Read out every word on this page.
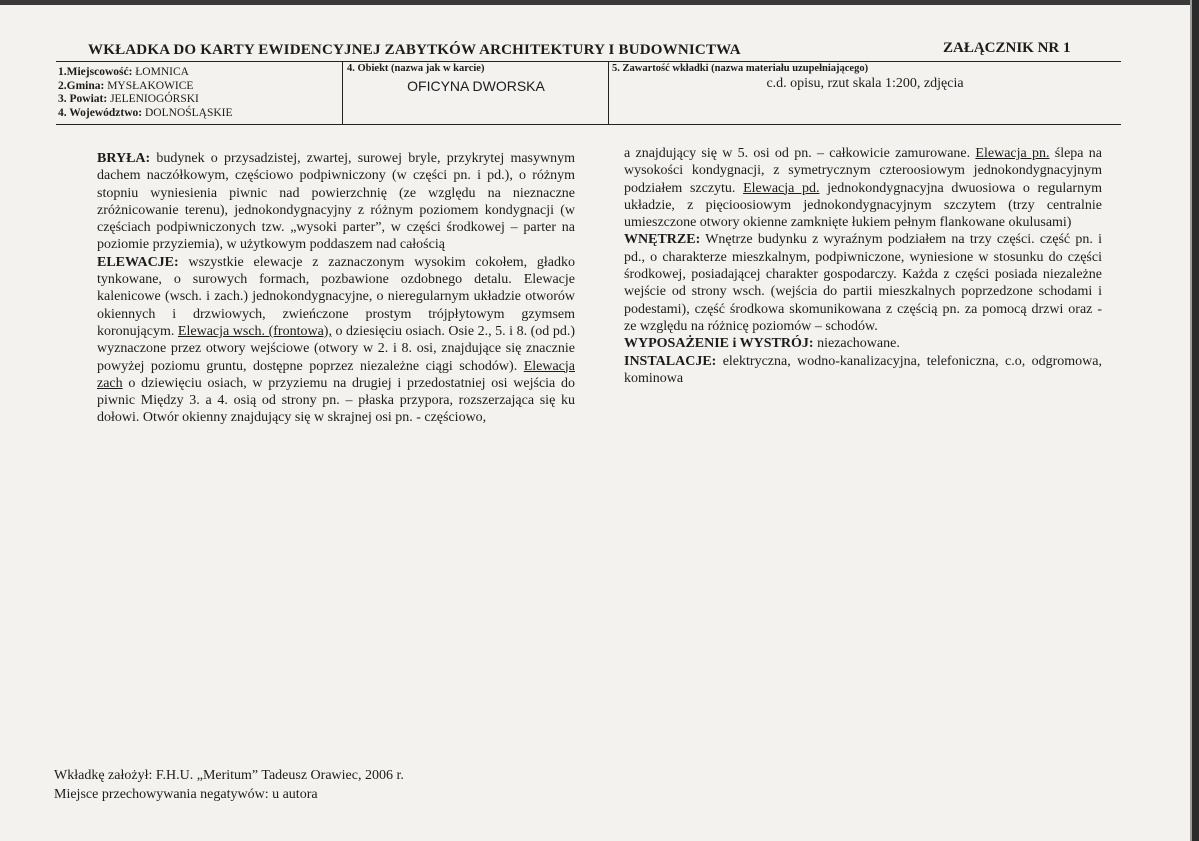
WKŁADKA DO KARTY EWIDENCYJNEJ ZABYTKÓW ARCHITEKTURY I BUDOWNICTWA	ZAŁĄCZNIK NR 1
1.Miejscowość: ŁOMNICA
2.Gmina: MYSŁAKOWICE
3. Powiat: JELENIOGÓRSKI
4. Województwo: DOLNOŚLĄSKIE
4. Obiekt (nazwa jak w karcie)
OFICYNA DWORSKA
5. Zawartość wkładki (nazwa materiału uzupełniającego)
c.d. opisu, rzut skala 1:200, zdjęcia

BRYŁA: budynek o przysadzistej, zwartej, surowej bryle, przykrytej masywnym dachem naczółkowym, częściowo podpiwniczony (w części pn. i pd.), o różnym stopniu wyniesienia piwnic nad powierzchnię (ze względu na nieznaczne zróżnicowanie terenu), jednokondygnacyjny z różnym poziomem kondygnacji (w częściach podpiwniczonych tzw. „wysoki parter”, w części środkowej – parter na poziomie przyziemia), w użytkowym poddaszem nad całością

ELEWACJE: wszystkie elewacje z zaznaczonym wysokim cokołem, gładko tynkowane, o surowych formach, pozbawione ozdobnego detalu. Elewacje kalenicowe (wsch. i zach.) jednokondygnacyjne, o nieregularnym układzie otworów okiennych i drzwiowych, zwieńczone prostym trójpłytowym gzymsem koronującym. Elewacja wsch. (frontowa), o dziesięciu osiach. Osie 2., 5. i 8. (od pd.) wyznaczone przez otwory wejściowe (otwory w 2. i 8. osi, znajdujące się znacznie powyżej poziomu gruntu, dostępne poprzez niezależne ciągi schodów). Elewacja zach o dziewięciu osiach, w przyziemu na drugiej i przedostatniej osi wejścia do piwnic Między 3. a 4. osią od strony pn. – płaska przypora, rozszerzająca się ku dołowi. Otwór okienny znajdujący się w skrajnej osi pn. - częściowo,

a znajdujący się w 5. osi od pn. – całkowicie zamurowane. Elewacja pn. ślepa na wysokości kondygnacji, z symetrycznym czteroosiowym jednokondygnacyjnym podziałem szczytu. Elewacja pd. jednokondygnacyjna dwuosiowa o regularnym układzie, z pięcioosiowym jednokondygnacyjnym szczytem (trzy centralnie umieszczone otwory okienne zamknięte łukiem pełnym flankowane okulusami)

WNĘTRZE: Wnętrze budynku z wyraźnym podziałem na trzy części. część pn. i pd., o charakterze mieszkalnym, podpiwniczone, wyniesione w stosunku do części środkowej, posiadającej charakter gospodarczy. Każda z części posiada niezależne wejście od strony wsch. (wejścia do partii mieszkalnych poprzedzone schodami i podestami), część środkowa skomunikowana z częścią pn. za pomocą drzwi oraz - ze względu na różnicę poziomów – schodów.

WYPOSAŻENIE i WYSTRÓJ: niezachowane.

INSTALACJE: elektryczna, wodno-kanalizacyjna, telefoniczna, c.o, odgromowa, kominowa

Wkładkę założył: F.H.U. „Meritum” Tadeusz Orawiec, 2006 r.
Miejsce przechowywania negatywów: u autora
